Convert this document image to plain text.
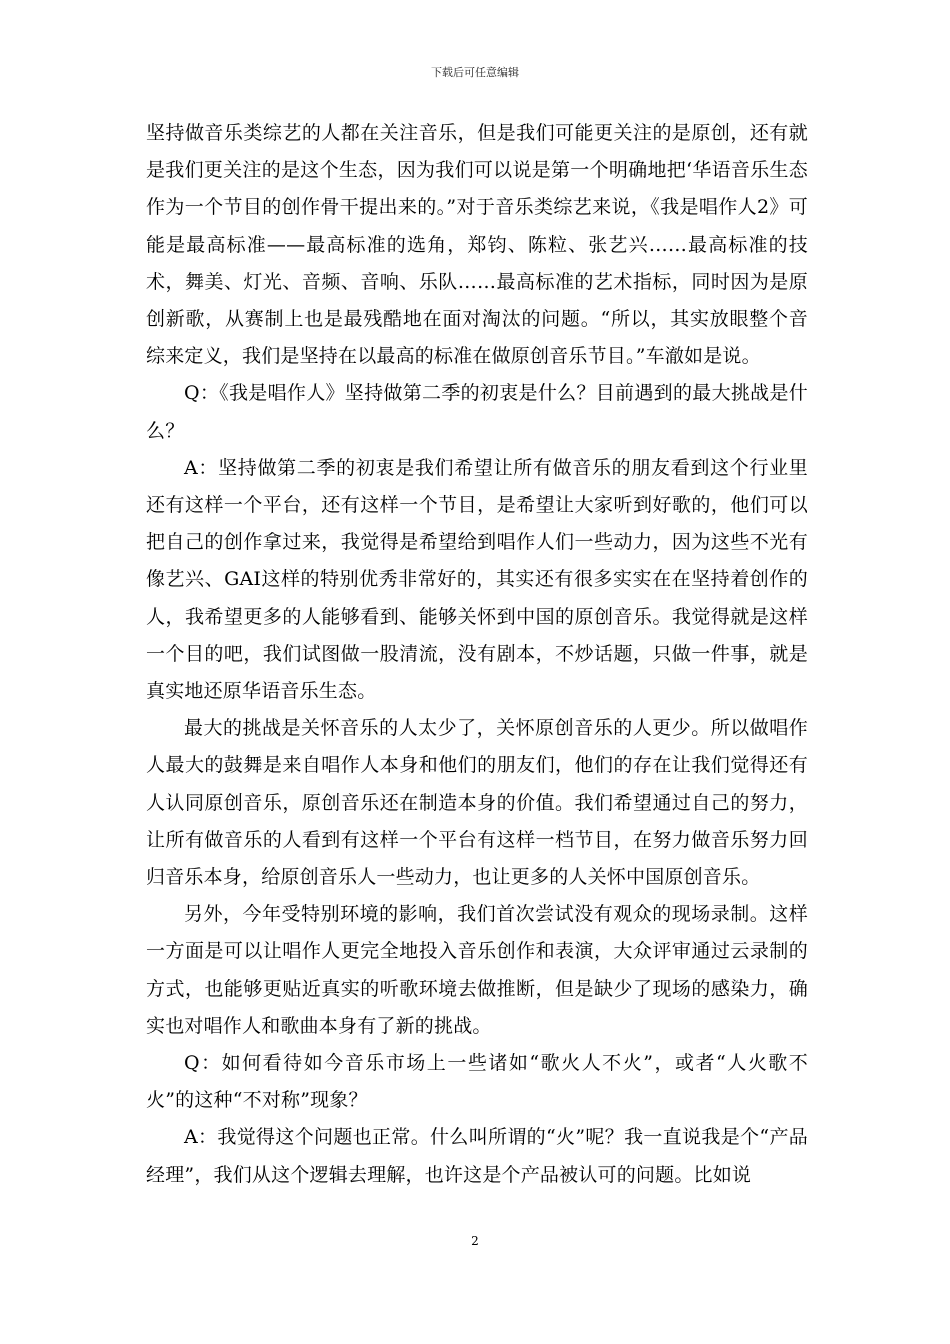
下载后可任意编辑

坚持做音乐类综艺的人都在关注音乐，但是我们可能更关注的是原创，还有就是我们更关注的是这个生态，因为我们可以说是第一个明确地把‘华语音乐生态作为一个节目的创作骨干提出来的。”对于音乐类综艺来说，《我是唱作人2》可能是最高标准——最高标准的选角，郑钧、陈粒、张艺兴……最高标准的技术，舞美、灯光、音频、音响、乐队……最高标准的艺术指标，同时因为是原创新歌，从赛制上也是最残酷地在面对淘汰的问题。“所以，其实放眼整个音综来定义，我们是坚持在以最高的标准在做原创音乐节目。”车澈如是说。

Q：《我是唱作人》坚持做第二季的初衷是什么？目前遇到的最大挑战是什么？

A：坚持做第二季的初衷是我们希望让所有做音乐的朋友看到这个行业里还有这样一个平台，还有这样一个节目，是希望让大家听到好歌的，他们可以把自己的创作拿过来，我觉得是希望给到唱作人们一些动力，因为这些不光有像艺兴、GAI这样的特别优秀非常好的，其实还有很多实实在在坚持着创作的人，我希望更多的人能够看到、能够关怀到中国的原创音乐。我觉得就是这样一个目的吧，我们试图做一股清流，没有剧本，不炒话题，只做一件事，就是真实地还原华语音乐生态。

最大的挑战是关怀音乐的人太少了，关怀原创音乐的人更少。所以做唱作人最大的鼓舞是来自唱作人本身和他们的朋友们，他们的存在让我们觉得还有人认同原创音乐，原创音乐还在制造本身的价值。我们希望通过自己的努力，让所有做音乐的人看到有这样一个平台有这样一档节目，在努力做音乐努力回归音乐本身，给原创音乐人一些动力，也让更多的人关怀中国原创音乐。

另外，今年受特别环境的影响，我们首次尝试没有观众的现场录制。这样一方面是可以让唱作人更完全地投入音乐创作和表演，大众评审通过云录制的方式，也能够更贴近真实的听歌环境去做推断，但是缺少了现场的感染力，确实也对唱作人和歌曲本身有了新的挑战。

Q：如何看待如今音乐市场上一些诸如“歌火人不火”，或者“人火歌不火”的这种“不对称”现象？

A：我觉得这个问题也正常。什么叫所谓的“火”呢？我一直说我是个“产品经理”，我们从这个逻辑去理解，也许这是个产品被认可的问题。比如说

2
